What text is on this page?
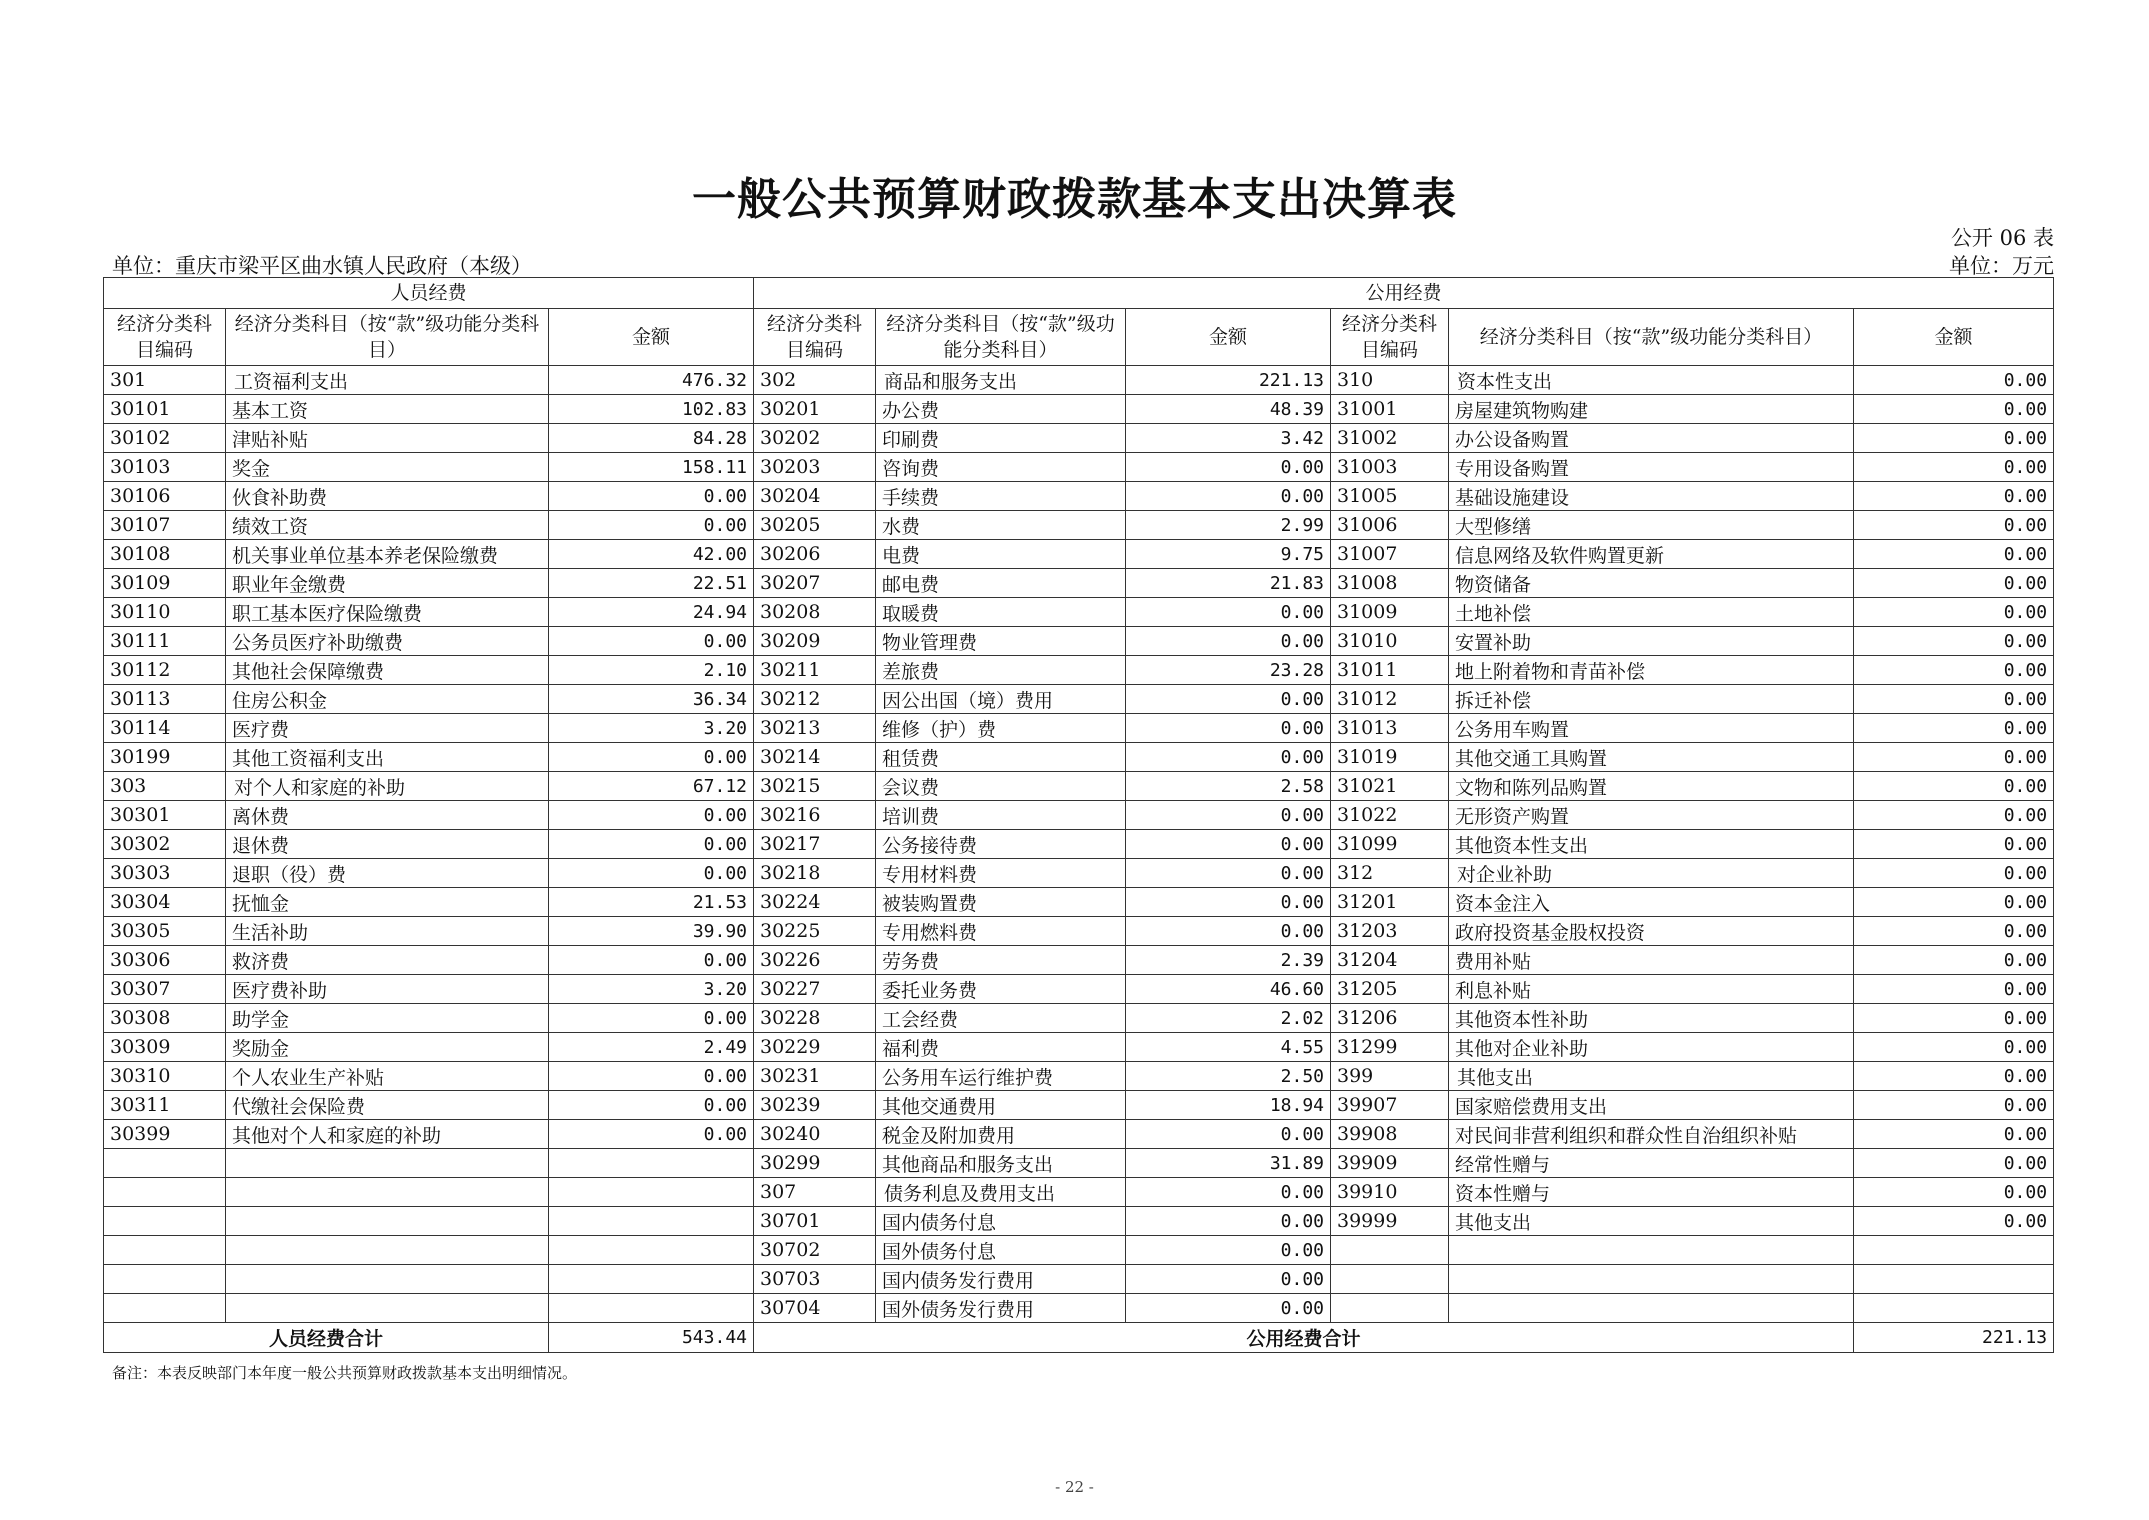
一般公共预算财政拨款基本支出决算表
公开 06 表
单位：重庆市梁平区曲水镇人民政府（本级）	单位：万元
人员经费			公用经费					
经济分类科目编码	经济分类科目（按“款”级功能分类科目）	金额	经济分类科目编码	经济分类科目（按“款”级功能分类科目）	金额	经济分类科目编码	经济分类科目（按“款”级功能分类科目）	金额
301	工资福利支出	476.32	302	商品和服务支出	221.13	310	资本性支出	0.00
30101	基本工资	102.83	30201	办公费	48.39	31001	房屋建筑物购建	0.00
30102	津贴补贴	84.28	30202	印刷费	3.42	31002	办公设备购置	0.00
30103	奖金	158.11	30203	咨询费	0.00	31003	专用设备购置	0.00
30106	伙食补助费	0.00	30204	手续费	0.00	31005	基础设施建设	0.00
30107	绩效工资	0.00	30205	水费	2.99	31006	大型修缮	0.00
30108	机关事业单位基本养老保险缴费	42.00	30206	电费	9.75	31007	信息网络及软件购置更新	0.00
30109	职业年金缴费	22.51	30207	邮电费	21.83	31008	物资储备	0.00
30110	职工基本医疗保险缴费	24.94	30208	取暖费	0.00	31009	土地补偿	0.00
30111	公务员医疗补助缴费	0.00	30209	物业管理费	0.00	31010	安置补助	0.00
30112	其他社会保障缴费	2.10	30211	差旅费	23.28	31011	地上附着物和青苗补偿	0.00
30113	住房公积金	36.34	30212	因公出国（境）费用	0.00	31012	拆迁补偿	0.00
30114	医疗费	3.20	30213	维修（护）费	0.00	31013	公务用车购置	0.00
30199	其他工资福利支出	0.00	30214	租赁费	0.00	31019	其他交通工具购置	0.00
303	对个人和家庭的补助	67.12	30215	会议费	2.58	31021	文物和陈列品购置	0.00
30301	离休费	0.00	30216	培训费	0.00	31022	无形资产购置	0.00
30302	退休费	0.00	30217	公务接待费	0.00	31099	其他资本性支出	0.00
30303	退职（役）费	0.00	30218	专用材料费	0.00	312	对企业补助	0.00
30304	抚恤金	21.53	30224	被装购置费	0.00	31201	资本金注入	0.00
30305	生活补助	39.90	30225	专用燃料费	0.00	31203	政府投资基金股权投资	0.00
30306	救济费	0.00	30226	劳务费	2.39	31204	费用补贴	0.00
30307	医疗费补助	3.20	30227	委托业务费	46.60	31205	利息补贴	0.00
30308	助学金	0.00	30228	工会经费	2.02	31206	其他资本性补助	0.00
30309	奖励金	2.49	30229	福利费	4.55	31299	其他对企业补助	0.00
30310	个人农业生产补贴	0.00	30231	公务用车运行维护费	2.50	399	其他支出	0.00
30311	代缴社会保险费	0.00	30239	其他交通费用	18.94	39907	国家赔偿费用支出	0.00
30399	其他对个人和家庭的补助	0.00	30240	税金及附加费用	0.00	39908	对民间非营利组织和群众性自治组织补贴	0.00
			30299	其他商品和服务支出	31.89	39909	经常性赠与	0.00
			307	债务利息及费用支出	0.00	39910	资本性赠与	0.00
			30701	国内债务付息	0.00	39999	其他支出	0.00
			30702	国外债务付息	0.00			
			30703	国内债务发行费用	0.00			
			30704	国外债务发行费用	0.00			
人员经费合计		543.44	公用经费合计					221.13
备注：本表反映部门本年度一般公共预算财政拨款基本支出明细情况。
- 22 -
